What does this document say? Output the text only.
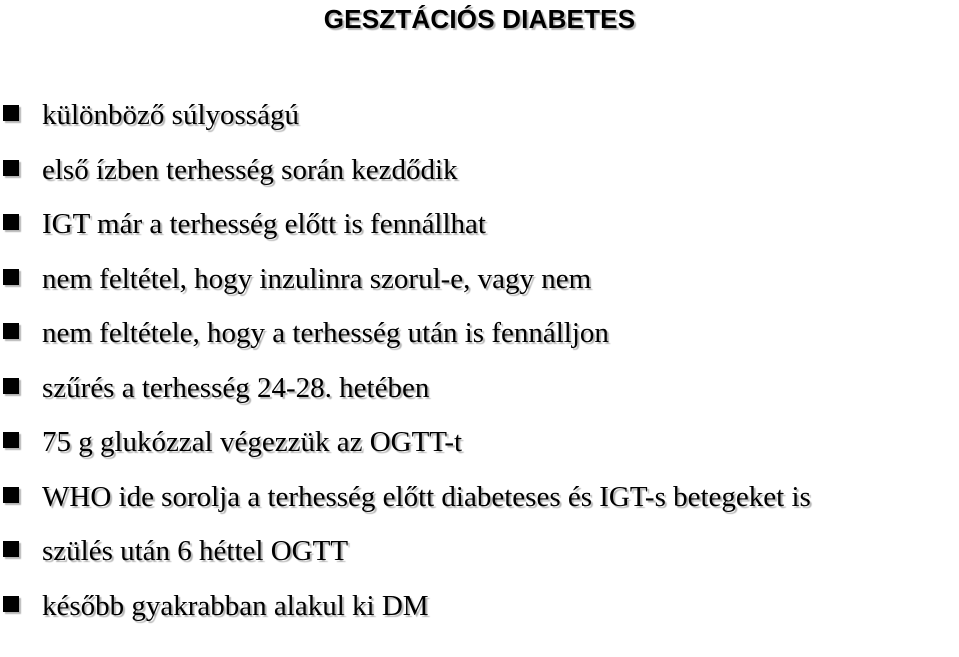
GESZTÁCIÓS DIABETES
különböző súlyosságú
első ízben terhesség során kezdődik
IGT már a terhesség előtt is fennállhat
nem feltétel, hogy inzulinra szorul-e, vagy nem
nem feltétele, hogy a terhesség után is fennálljon
szűrés a terhesség 24-28. hetében
75 g glukózzal végezzük az OGTT-t
WHO ide sorolja a terhesség előtt diabeteses és IGT-s betegeket is
szülés után 6 héttel OGTT
később gyakrabban alakul ki DM
